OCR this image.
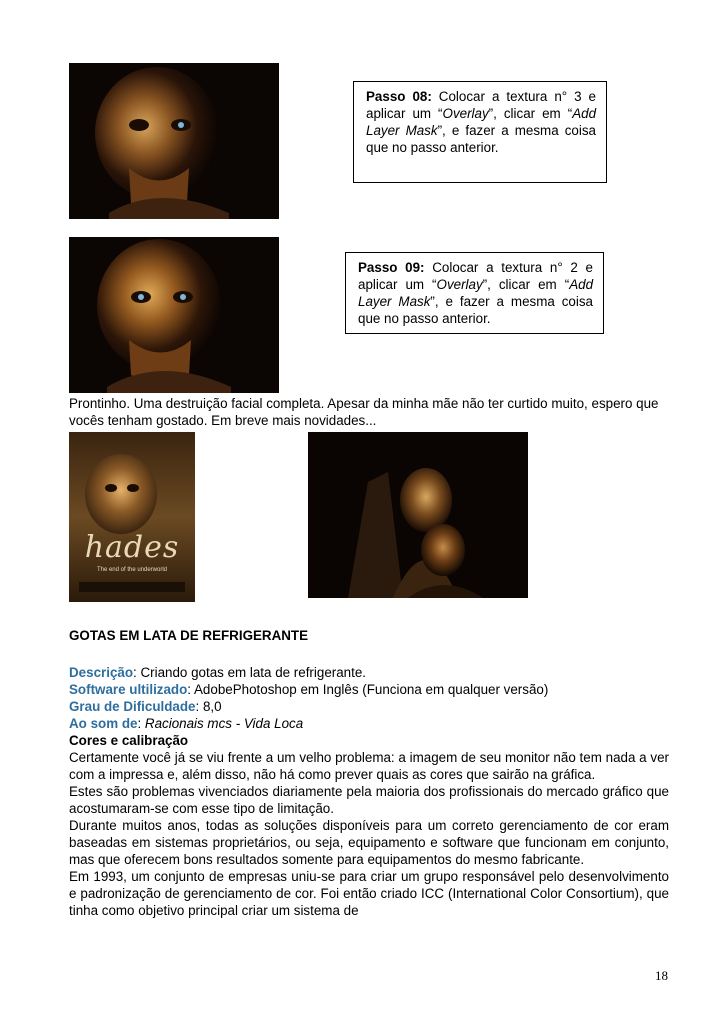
Passo 08: Colocar a textura n° 3 e aplicar um “Overlay”, clicar em “Add Layer Mask”, e fazer a mesma coisa que no passo anterior.
Passo 09: Colocar a textura n° 2 e aplicar um “Overlay”, clicar em “Add Layer Mask”, e fazer a mesma coisa que no passo anterior.
Prontinho. Uma destruição facial completa. Apesar da minha mãe não ter curtido muito, espero que vocês tenham gostado. Em breve mais novidades...
hades
The end of the underworld
GOTAS EM LATA DE REFRIGERANTE
Descrição: Criando gotas em lata de refrigerante.
Software ultilizado: AdobePhotoshop em Inglês (Funciona em qualquer versão)
Grau de Dificuldade: 8,0
Ao som de: Racionais mcs - Vida Loca
Cores e calibração

Certamente você já se viu frente a um velho problema: a imagem de seu monitor não tem nada a ver com a impressa e, além disso, não há como prever quais as cores que sairão na gráfica.

Estes são problemas vivenciados diariamente pela maioria dos profissionais do mercado gráfico que acostumaram-se com esse tipo de limitação.

Durante muitos anos, todas as soluções disponíveis para um correto gerenciamento de cor eram baseadas em sistemas proprietários, ou seja, equipamento e software que funcionam em conjunto, mas que oferecem bons resultados somente para equipamentos do mesmo fabricante.

Em 1993, um conjunto de empresas uniu-se para criar um grupo responsável pelo desenvolvimento e padronização de gerenciamento de cor. Foi então criado ICC (International Color Consortium), que tinha como objetivo principal criar um sistema de

18
